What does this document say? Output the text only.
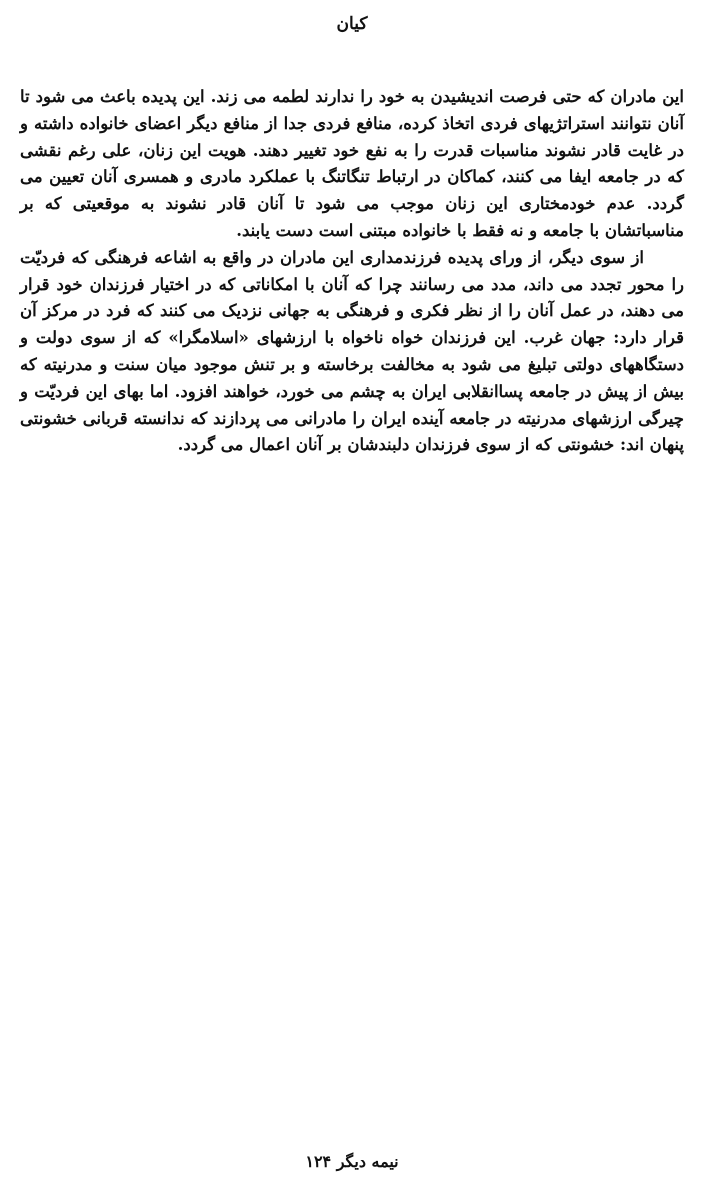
کیان

این مادران که حتی فرصت اندیشیدن به خود را ندارند لطمه می زند. این پدیده باعث می شود تا آنان نتوانند استراتژیهای فردی اتخاذ کرده، منافع فردی جدا از منافع دیگر اعضای خانواده داشته و در غایت قادر نشوند مناسبات قدرت را به نفع خود تغییر دهند. هویت این زنان، علی رغم نقشی که در جامعه ایفا می کنند، کماکان در ارتباط تنگاتنگ با عملکرد مادری و همسری آنان تعیین می گردد. عدم خودمختاری این زنان موجب می شود تا آنان قادر نشوند به موقعیتی که بر مناسباتشان با جامعه و نه فقط با خانواده مبتنی است دست یابند.

از سوی دیگر، از ورای پدیده فرزندمداری این مادران در واقع به اشاعه فرهنگی که فردیّت را محور تجدد می داند، مدد می رسانند چرا که آنان با امکاناتی که در اختیار فرزندان خود قرار می دهند، در عمل آنان را از نظر فکری و فرهنگی به جهانی نزدیک می کنند که فرد در مرکز آن قرار دارد: جهان غرب. این فرزندان خواه ناخواه با ارزشهای «اسلامگرا» که از سوی دولت و دستگاههای دولتی تبلیغ می شود به مخالفت برخاسته و بر تنش موجود میان سنت و مدرنیته که بیش از پیش در جامعه پساانقلابی ایران به چشم می خورد، خواهند افزود. اما بهای این فردیّت و چیرگی ارزشهای مدرنیته در جامعه آینده ایران را مادرانی می پردازند که ندانسته قربانی خشونتی پنهان اند: خشونتی که از سوی فرزندان دلبندشان بر آنان اعمال می گردد.

نیمه دیگر ۱۲۴
